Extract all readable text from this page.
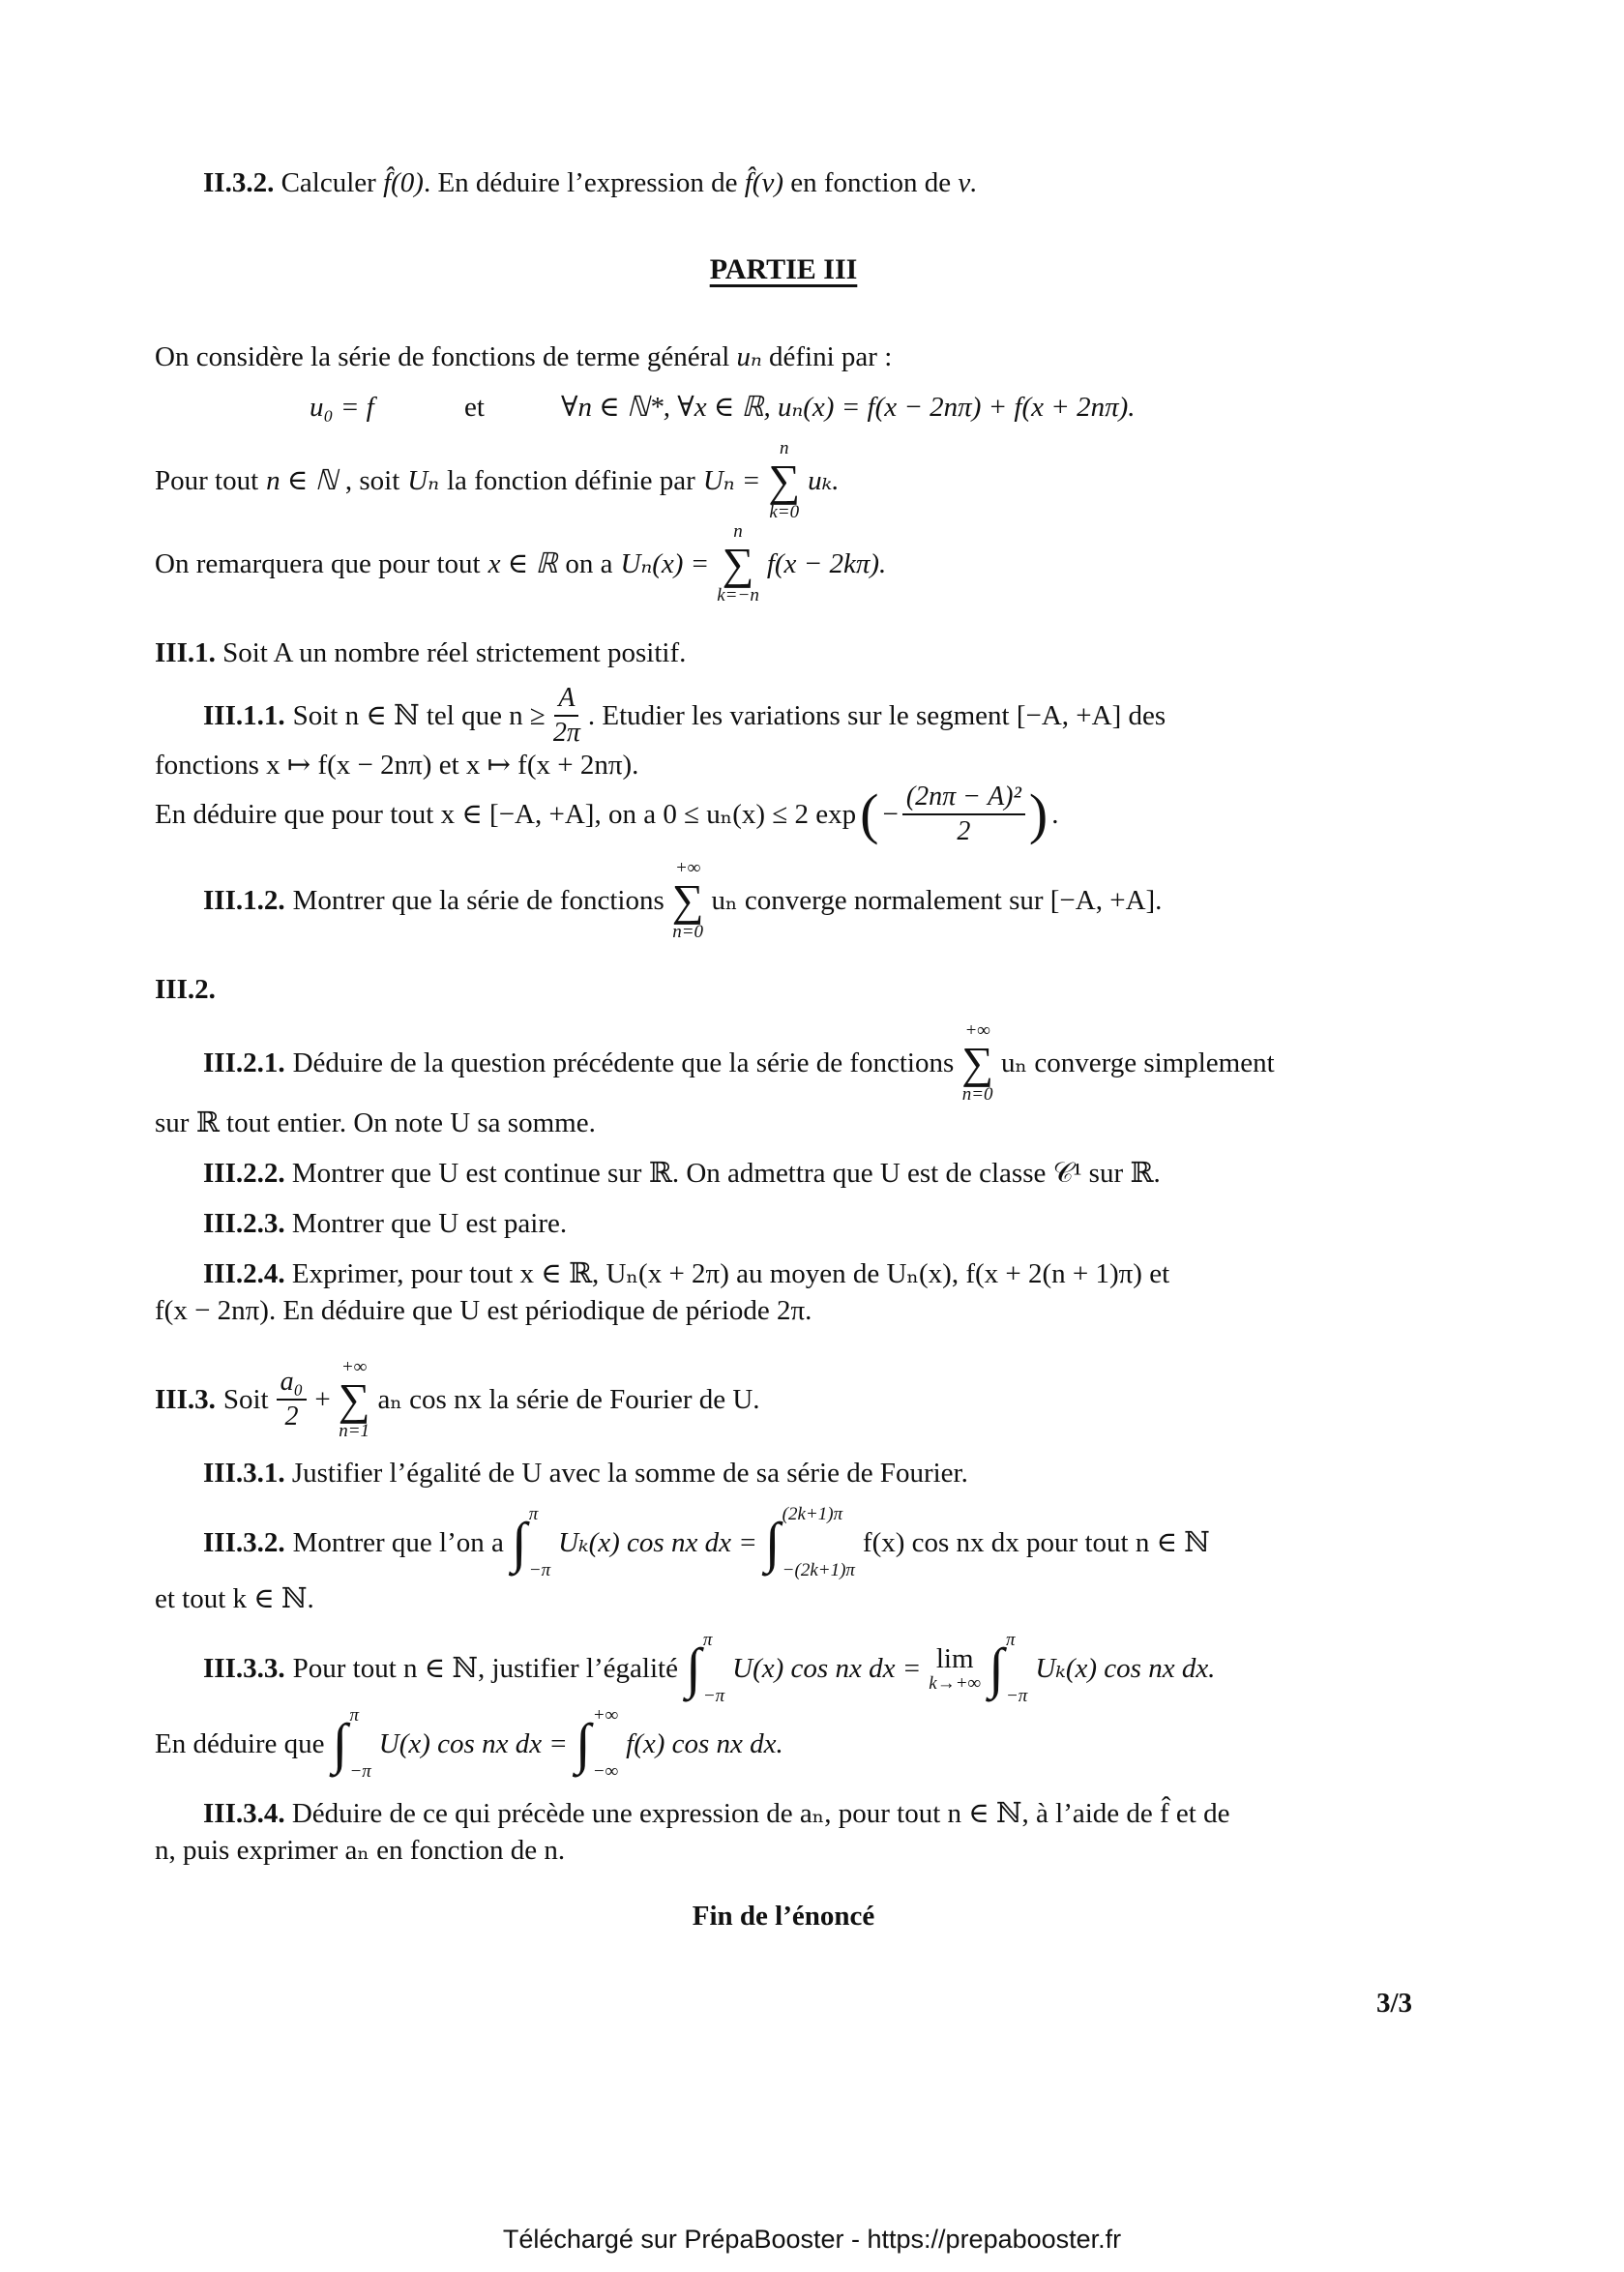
II.3.2. Calculer f̂(0). En déduire l’expression de f̂(ν) en fonction de ν.
PARTIE III
On considère la série de fonctions de terme général uₙ défini par :
u₀ = f	et	∀n ∈ ℕ*, ∀x ∈ ℝ, uₙ(x) = f(x − 2nπ) + f(x + 2nπ).
Pour tout n ∈ ℕ , soit Uₙ la fonction définie par Uₙ =
n
∑
k=0
uₖ.
On remarquera que pour tout x ∈ ℝ on a Uₙ(x) =
n
∑
k=−n
f(x − 2kπ).
III.1. Soit A un nombre réel strictement positif.
III.1.1. Soit n ∈ ℕ tel que $n \ge \frac{A}{2\pi}$ . Etudier les variations sur le segment [−A, +A] des
fonctions x ↦ f(x − 2nπ) et x ↦ f(x + 2nπ).
En déduire que pour tout x ∈ [−A, +A], on a 0 ≤ uₙ(x) ≤ 2 exp ( − $\frac{\text{(2nπ − A)²}}{2}$ ) .
III.1.2. Montrer que la série de fonctions
+∞
∑
n=0
uₙ converge normalement sur [−A, +A].
III.2.
III.2.1. Déduire de la question précédente que la série de fonctions
+∞
∑
n=0
uₙ converge simplement
sur ℝ tout entier. On note U sa somme.
III.2.2. Montrer que U est continue sur ℝ. On admettra que U est de classe 𝒞¹ sur ℝ.
III.2.3. Montrer que U est paire.
III.2.4. Exprimer, pour tout x ∈ ℝ, Uₙ(x + 2π) au moyen de Uₙ(x), f(x + 2(n + 1)π) et
f(x − 2nπ). En déduire que U est périodique de période 2π.
III.3. Soit $\frac{\text{a₀}}{2}$ +
+∞
∑
n=1
aₙ cos nx la série de Fourier de U.
III.3.1. Justifier l’égalité de U avec la somme de sa série de Fourier.
III.3.2. Montrer que l’on a ∫ π
−π
Uₖ(x) cos nx dx = ∫ (2k+1)π
−(2k+1)π
f(x) cos nx dx pour tout n ∈ ℕ
et tout k ∈ ℕ.
III.3.3. Pour tout n ∈ ℕ, justifier l’égalité ∫ π
−π
U(x) cos nx dx = lim
k→+∞ ∫ π
−π
Uₖ(x) cos nx dx.
En déduire que ∫ π
−π
U(x) cos nx dx = ∫ +∞
−∞
f(x) cos nx dx.
III.3.4. Déduire de ce qui précède une expression de aₙ, pour tout n ∈ ℕ, à l’aide de f̂ et de
n, puis exprimer aₙ en fonction de n.
Fin de l’énoncé
3/3
Téléchargé sur PrépaBooster - https://prepabooster.fr
